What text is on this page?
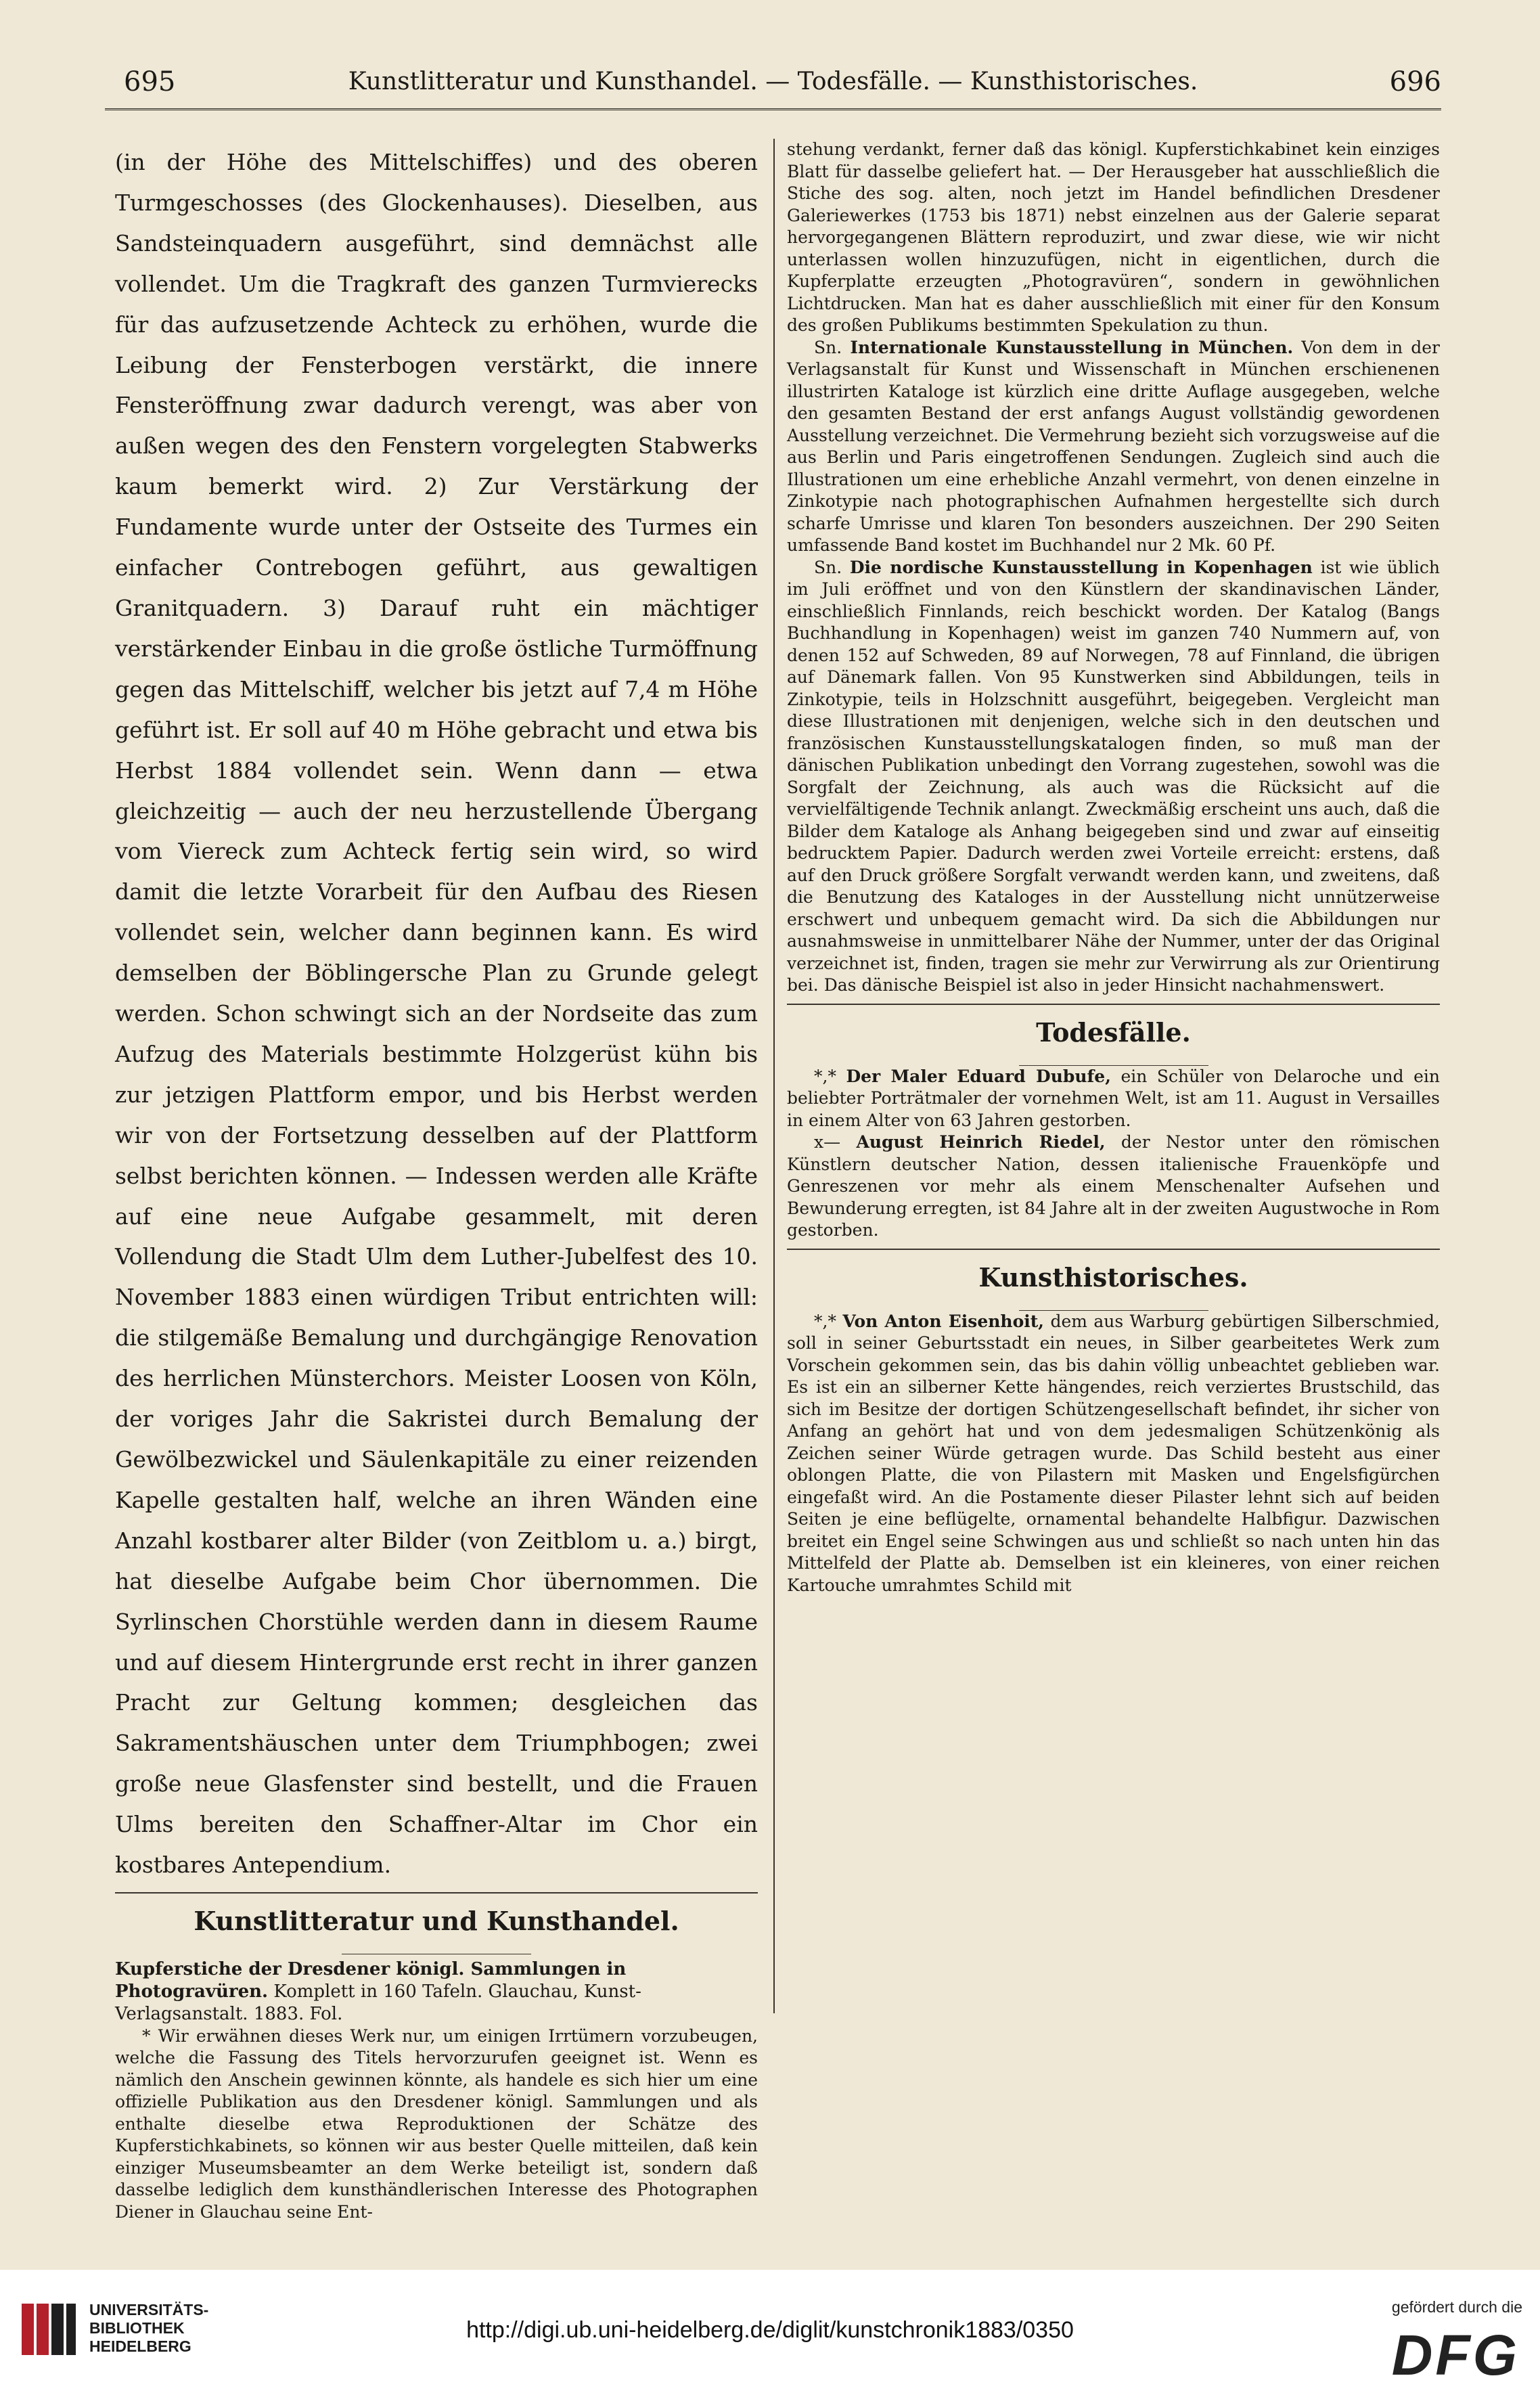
695	Kunstlitteratur und Kunsthandel. — Todesfälle. — Kunsthistorisches.	696

(in der Höhe des Mittelschiffes) und des oberen Turmgeschosses (des Glockenhauses). Dieselben, aus Sandsteinquadern ausgeführt, sind demnächst alle vollendet. Um die Tragkraft des ganzen Turmvierecks für das aufzusetzende Achteck zu erhöhen, wurde die Leibung der Fensterbogen verstärkt, die innere Fensteröffnung zwar dadurch verengt, was aber von außen wegen des den Fenstern vorgelegten Stabwerks kaum bemerkt wird. 2) Zur Verstärkung der Fundamente wurde unter der Ostseite des Turmes ein einfacher Contrebogen geführt, aus gewaltigen Granitquadern. 3) Darauf ruht ein mächtiger verstärkender Einbau in die große östliche Turmöffnung gegen das Mittelschiff, welcher bis jetzt auf 7,4 m Höhe geführt ist. Er soll auf 40 m Höhe gebracht und etwa bis Herbst 1884 vollendet sein. Wenn dann — etwa gleichzeitig — auch der neu herzustellende Übergang vom Viereck zum Achteck fertig sein wird, so wird damit die letzte Vorarbeit für den Aufbau des Riesen vollendet sein, welcher dann beginnen kann. Es wird demselben der Böblingersche Plan zu Grunde gelegt werden. Schon schwingt sich an der Nordseite das zum Aufzug des Materials bestimmte Holzgerüst kühn bis zur jetzigen Plattform empor, und bis Herbst werden wir von der Fortsetzung desselben auf der Plattform selbst berichten können. — Indessen werden alle Kräfte auf eine neue Aufgabe gesammelt, mit deren Vollendung die Stadt Ulm dem Luther-Jubelfest des 10. November 1883 einen würdigen Tribut entrichten will: die stilgemäße Bemalung und durchgängige Renovation des herrlichen Münsterchors. Meister Loosen von Köln, der voriges Jahr die Sakristei durch Bemalung der Gewölbezwickel und Säulenkapitäle zu einer reizenden Kapelle gestalten half, welche an ihren Wänden eine Anzahl kostbarer alter Bilder (von Zeitblom u. a.) birgt, hat dieselbe Aufgabe beim Chor übernommen. Die Syrlinschen Chorstühle werden dann in diesem Raume und auf diesem Hintergrunde erst recht in ihrer ganzen Pracht zur Geltung kommen; desgleichen das Sakramentshäuschen unter dem Triumphbogen; zwei große neue Glasfenster sind bestellt, und die Frauen Ulms bereiten den Schaffner-Altar im Chor ein kostbares Antependium.

Kunstlitteratur und Kunsthandel.

Kupferstiche der Dresdener königl. Sammlungen in Photogravüren. Komplett in 160 Tafeln. Glauchau, Kunst-Verlagsanstalt. 1883. Fol.

* Wir erwähnen dieses Werk nur, um einigen Irrtümern vorzubeugen, welche die Fassung des Titels hervorzurufen geeignet ist. Wenn es nämlich den Anschein gewinnen könnte, als handele es sich hier um eine offizielle Publikation aus den Dresdener königl. Sammlungen und als enthalte dieselbe etwa Reproduktionen der Schätze des Kupferstichkabinets, so können wir aus bester Quelle mitteilen, daß kein einziger Museumsbeamter an dem Werke beteiligt ist, sondern daß dasselbe lediglich dem kunsthändlerischen Interesse des Photographen Diener in Glauchau seine Ent-

stehung verdankt, ferner daß das königl. Kupferstichkabinet kein einziges Blatt für dasselbe geliefert hat. — Der Herausgeber hat ausschließlich die Stiche des sog. alten, noch jetzt im Handel befindlichen Dresdener Galeriewerkes (1753 bis 1871) nebst einzelnen aus der Galerie separat hervorgegangenen Blättern reproduzirt, und zwar diese, wie wir nicht unterlassen wollen hinzuzufügen, nicht in eigentlichen, durch die Kupferplatte erzeugten „Photogravüren“, sondern in gewöhnlichen Lichtdrucken. Man hat es daher ausschließlich mit einer für den Konsum des großen Publikums bestimmten Spekulation zu thun.

Sn. Internationale Kunstausstellung in München. Von dem in der Verlagsanstalt für Kunst und Wissenschaft in München erschienenen illustrirten Kataloge ist kürzlich eine dritte Auflage ausgegeben, welche den gesamten Bestand der erst anfangs August vollständig gewordenen Ausstellung verzeichnet. Die Vermehrung bezieht sich vorzugsweise auf die aus Berlin und Paris eingetroffenen Sendungen. Zugleich sind auch die Illustrationen um eine erhebliche Anzahl vermehrt, von denen einzelne in Zinkotypie nach photographischen Aufnahmen hergestellte sich durch scharfe Umrisse und klaren Ton besonders auszeichnen. Der 290 Seiten umfassende Band kostet im Buchhandel nur 2 Mk. 60 Pf.

Sn. Die nordische Kunstausstellung in Kopenhagen ist wie üblich im Juli eröffnet und von den Künstlern der skandinavischen Länder, einschließlich Finnlands, reich beschickt worden. Der Katalog (Bangs Buchhandlung in Kopenhagen) weist im ganzen 740 Nummern auf, von denen 152 auf Schweden, 89 auf Norwegen, 78 auf Finnland, die übrigen auf Dänemark fallen. Von 95 Kunstwerken sind Abbildungen, teils in Zinkotypie, teils in Holzschnitt ausgeführt, beigegeben. Vergleicht man diese Illustrationen mit denjenigen, welche sich in den deutschen und französischen Kunstausstellungskatalogen finden, so muß man der dänischen Publikation unbedingt den Vorrang zugestehen, sowohl was die Sorgfalt der Zeichnung, als auch was die Rücksicht auf die vervielfältigende Technik anlangt. Zweckmäßig erscheint uns auch, daß die Bilder dem Kataloge als Anhang beigegeben sind und zwar auf einseitig bedrucktem Papier. Dadurch werden zwei Vorteile erreicht: erstens, daß auf den Druck größere Sorgfalt verwandt werden kann, und zweitens, daß die Benutzung des Kataloges in der Ausstellung nicht unnützerweise erschwert und unbequem gemacht wird. Da sich die Abbildungen nur ausnahmsweise in unmittelbarer Nähe der Nummer, unter der das Original verzeichnet ist, finden, tragen sie mehr zur Verwirrung als zur Orientirung bei. Das dänische Beispiel ist also in jeder Hinsicht nachahmenswert.

Todesfälle.

*,* Der Maler Eduard Dubufe, ein Schüler von Delaroche und ein beliebter Porträtmaler der vornehmen Welt, ist am 11. August in Versailles in einem Alter von 63 Jahren gestorben.

x— August Heinrich Riedel, der Nestor unter den römischen Künstlern deutscher Nation, dessen italienische Frauenköpfe und Genreszenen vor mehr als einem Menschenalter Aufsehen und Bewunderung erregten, ist 84 Jahre alt in der zweiten Augustwoche in Rom gestorben.

Kunsthistorisches.

*,* Von Anton Eisenhoit, dem aus Warburg gebürtigen Silberschmied, soll in seiner Geburtsstadt ein neues, in Silber gearbeitetes Werk zum Vorschein gekommen sein, das bis dahin völlig unbeachtet geblieben war. Es ist ein an silberner Kette hängendes, reich verziertes Brustschild, das sich im Besitze der dortigen Schützengesellschaft befindet, ihr sicher von Anfang an gehört hat und von dem jedesmaligen Schützenkönig als Zeichen seiner Würde getragen wurde. Das Schild besteht aus einer oblongen Platte, die von Pilastern mit Masken und Engelsfigürchen eingefaßt wird. An die Postamente dieser Pilaster lehnt sich auf beiden Seiten je eine beflügelte, ornamental behandelte Halbfigur. Dazwischen breitet ein Engel seine Schwingen aus und schließt so nach unten hin das Mittelfeld der Platte ab. Demselben ist ein kleineres, von einer reichen Kartouche umrahmtes Schild mit

UNIVERSITÄTS-
BIBLIOTHEK
HEIDELBERG
http://digi.ub.uni-heidelberg.de/diglit/kunstchronik1883/0350
gefördert durch die
DFG
